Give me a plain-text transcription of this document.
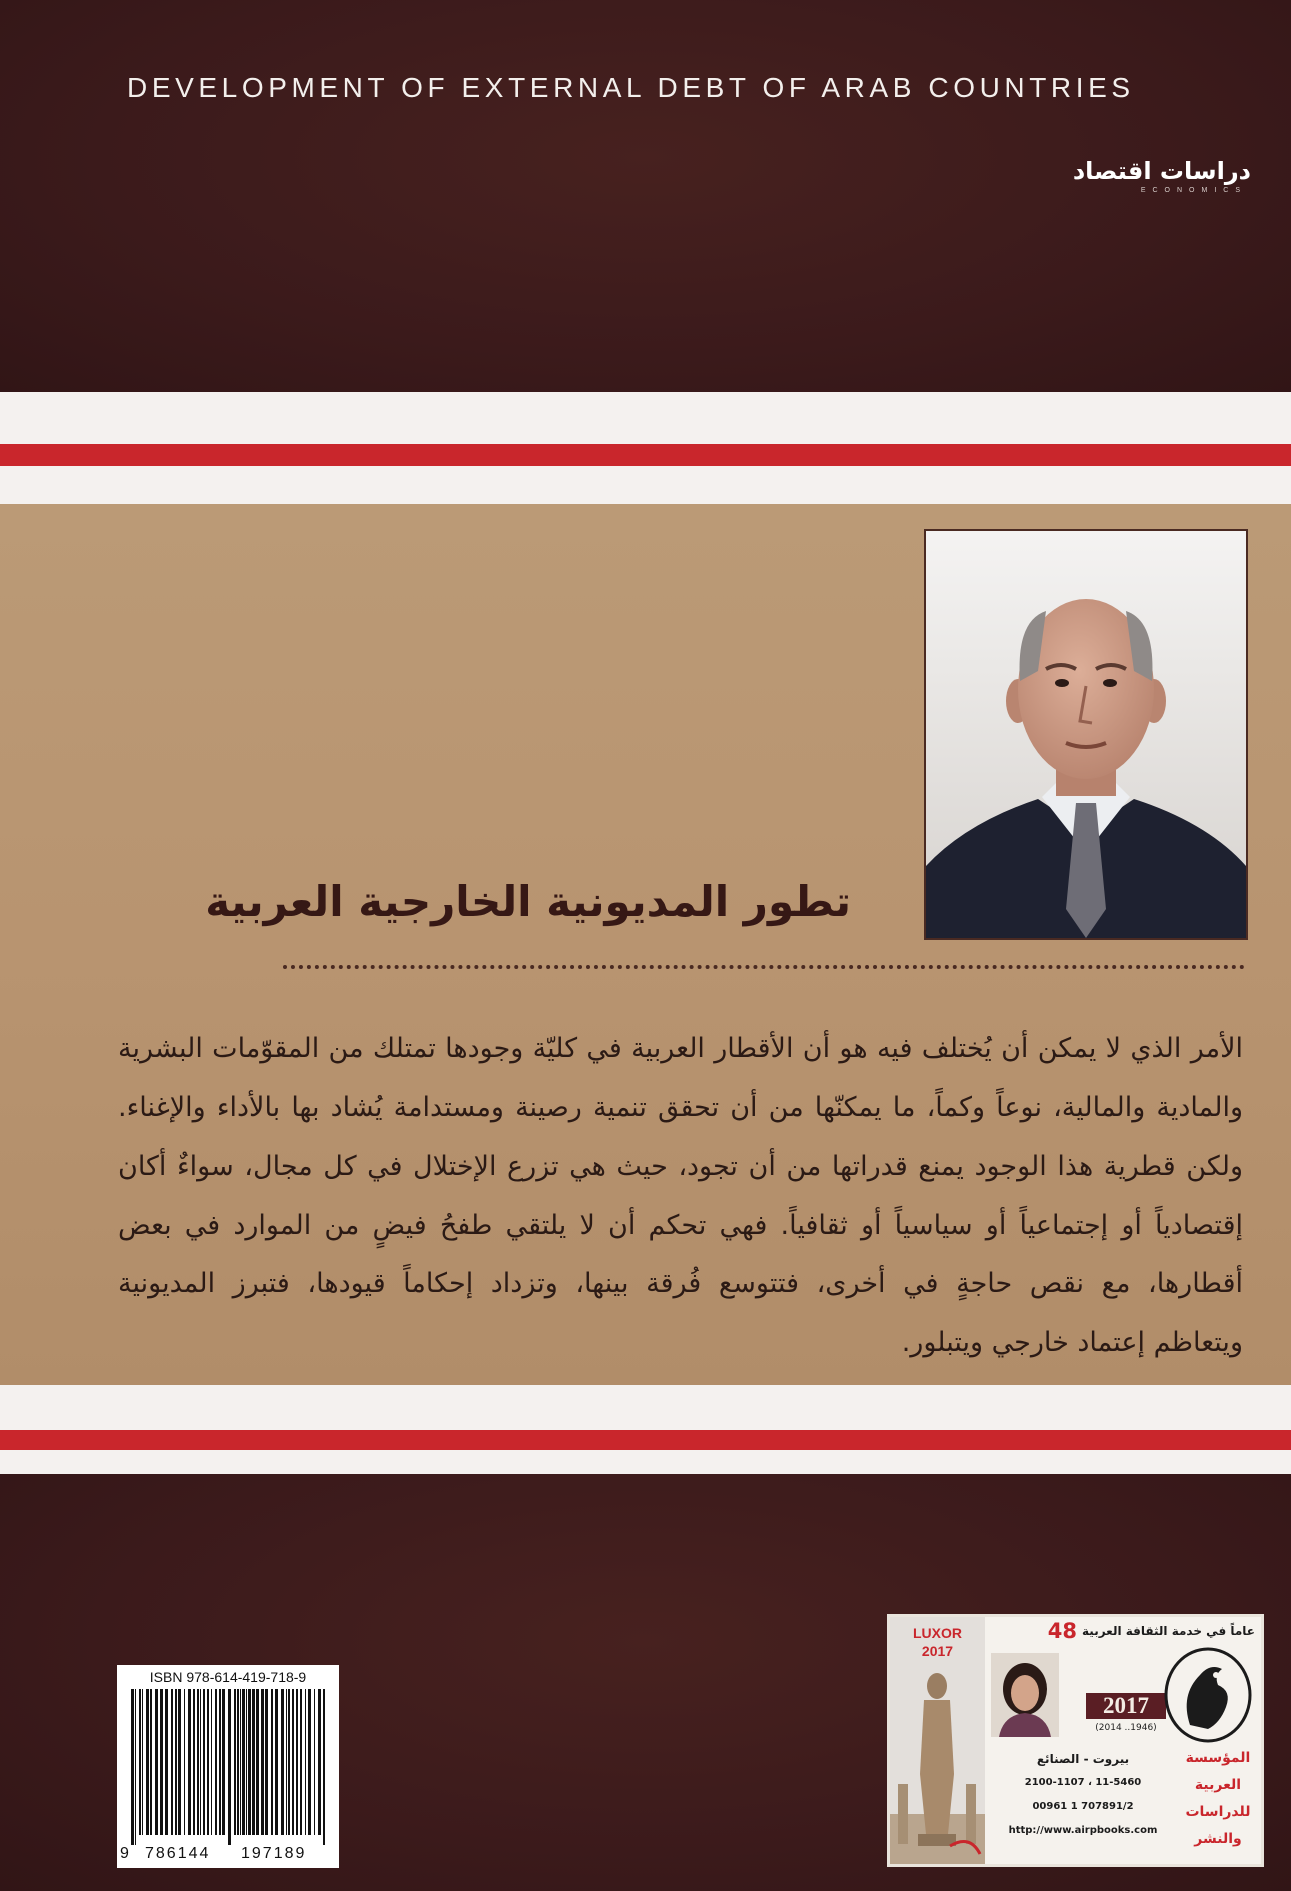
DEVELOPMENT OF EXTERNAL DEBT OF ARAB COUNTRIES
دراسات اقتصاد
ECONOMICS
تطور المديونية الخارجية العربية

الأمر الذي لا يمكن أن يُختلف فيه هو أن الأقطار العربية في كليّة وجودها تمتلك من المقوّمات البشرية
والمادية والمالية، نوعاً وكماً، ما يمكنّها من أن تحقق تنمية رصينة ومستدامة يُشاد بها بالأداء والإغناء.

ولكن قطرية هذا الوجود يمنع قدراتها من أن تجود، حيث هي تزرع الإختلال في كل مجال، سواءٌ أكان
إقتصادياً أو إجتماعياً أو سياسياً أو ثقافياً. فهي تحكم أن لا يلتقي طفحُ فيضٍ من الموارد في بعض
أقطارها، مع نقص حاجةٍ في أخرى، فتتوسع فُرقة بينها، وتزداد إحكاماً قيودها، فتبرز المديونية
ويتعاظم إعتماد خارجي ويتبلور.

ISBN 978-614-419-718-9
9 786144 197189
LUXOR
2017
عاماً في خدمة الثقافة العربية 48
2017
(2014 ..1946)
المؤسسة
العربية
للدراسات
والنشر
بيروت - الصنائع
2100-1107 ، 11-5460
00961 1 707891/2
http://www.airpbooks.com
